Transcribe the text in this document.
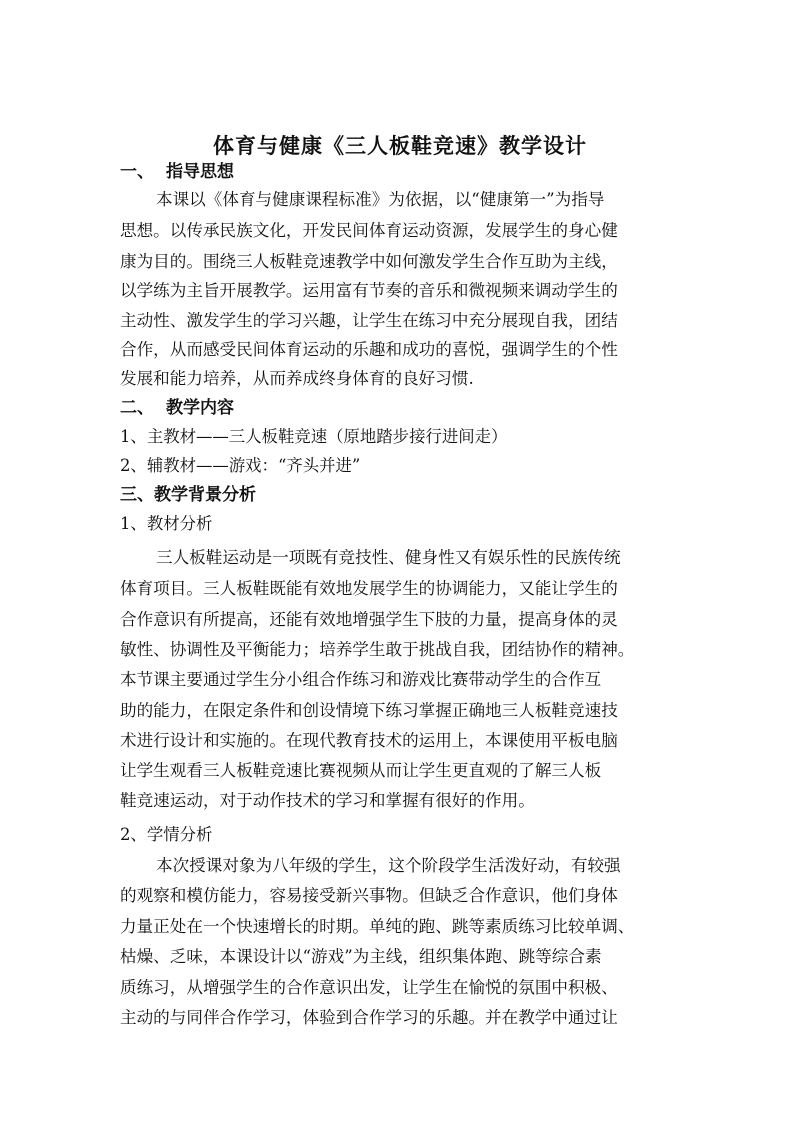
体育与健康《三人板鞋竞速》教学设计
一、 指导思想
本课以《体育与健康课程标准》为依据，以“健康第一”为指导
思想。以传承民族文化，开发民间体育运动资源，发展学生的身心健
康为目的。围绕三人板鞋竞速教学中如何激发学生合作互助为主线，
以学练为主旨开展教学。运用富有节奏的音乐和微视频来调动学生的
主动性、激发学生的学习兴趣，让学生在练习中充分展现自我，团结
合作，从而感受民间体育运动的乐趣和成功的喜悦，强调学生的个性
发展和能力培养，从而养成终身体育的良好习惯.
二、 教学内容
1、主教材——三人板鞋竞速（原地踏步接行进间走）
2、辅教材——游戏：“齐头并进”
三、教学背景分析
1、教材分析
三人板鞋运动是一项既有竞技性、健身性又有娱乐性的民族传统
体育项目。三人板鞋既能有效地发展学生的协调能力，又能让学生的
合作意识有所提高，还能有效地增强学生下肢的力量，提高身体的灵
敏性、协调性及平衡能力；培养学生敢于挑战自我，团结协作的精神。
本节课主要通过学生分小组合作练习和游戏比赛带动学生的合作互
助的能力，在限定条件和创设情境下练习掌握正确地三人板鞋竞速技
术进行设计和实施的。在现代教育技术的运用上，本课使用平板电脑
让学生观看三人板鞋竞速比赛视频从而让学生更直观的了解三人板
鞋竞速运动，对于动作技术的学习和掌握有很好的作用。
2、学情分析
本次授课对象为八年级的学生，这个阶段学生活泼好动，有较强
的观察和模仿能力，容易接受新兴事物。但缺乏合作意识，他们身体
力量正处在一个快速增长的时期。单纯的跑、跳等素质练习比较单调、
枯燥、乏味，本课设计以“游戏”为主线，组织集体跑、跳等综合素
质练习，从增强学生的合作意识出发，让学生在愉悦的氛围中积极、
主动的与同伴合作学习，体验到合作学习的乐趣。并在教学中通过让
